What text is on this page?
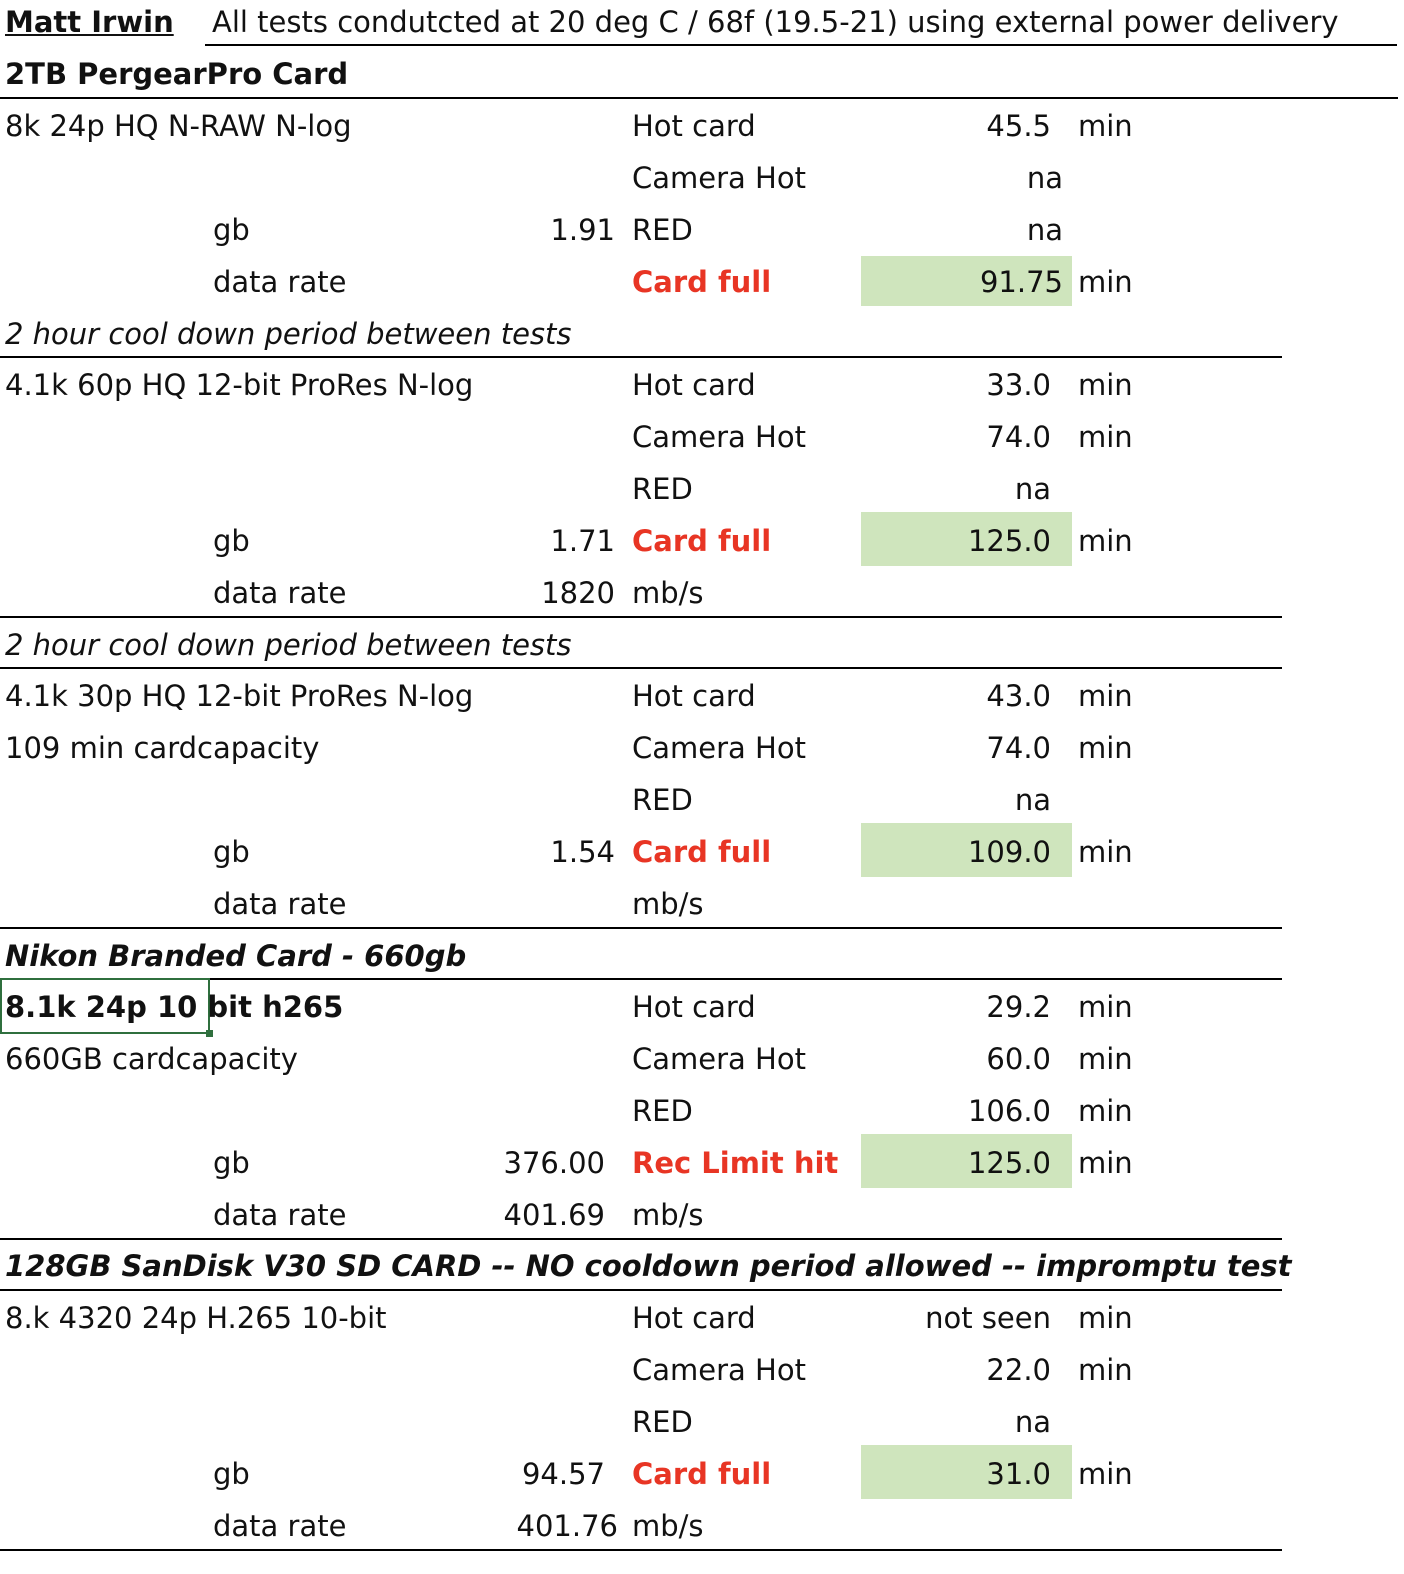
Matt Irwin All tests condutcted at 20 deg C / 68f (19.5-21) using external power delivery
2TB PergearPro Card
8k 24p HQ N-RAW N-log	Hot card	45.5 min
Camera Hot	na
gb	1.91 RED	na
data rate	Card full	91.75 min
2 hour cool down period between tests
4.1k 60p HQ 12-bit ProRes N-log	Hot card	33.0 min
Camera Hot	74.0 min
RED	na
gb	1.71 Card full	125.0 min
data rate	1820 mb/s
2 hour cool down period between tests
4.1k 30p HQ 12-bit ProRes N-log	Hot card	43.0 min
109 min cardcapacity	Camera Hot	74.0 min
RED	na
gb	1.54 Card full	109.0 min
data rate	mb/s
Nikon Branded Card - 660gb
8.1k 24p 10 bit h265	Hot card	29.2 min
660GB cardcapacity	Camera Hot	60.0 min
RED	106.0 min
gb	376.00 Rec Limit hit	125.0 min
data rate	401.69 mb/s
128GB SanDisk V30 SD CARD -- NO cooldown period allowed -- impromptu test
8.k 4320 24p H.265 10-bit	Hot card	not seen min
Camera Hot	22.0 min
RED	na
gb	94.57 Card full	31.0 min
data rate	401.76 mb/s
